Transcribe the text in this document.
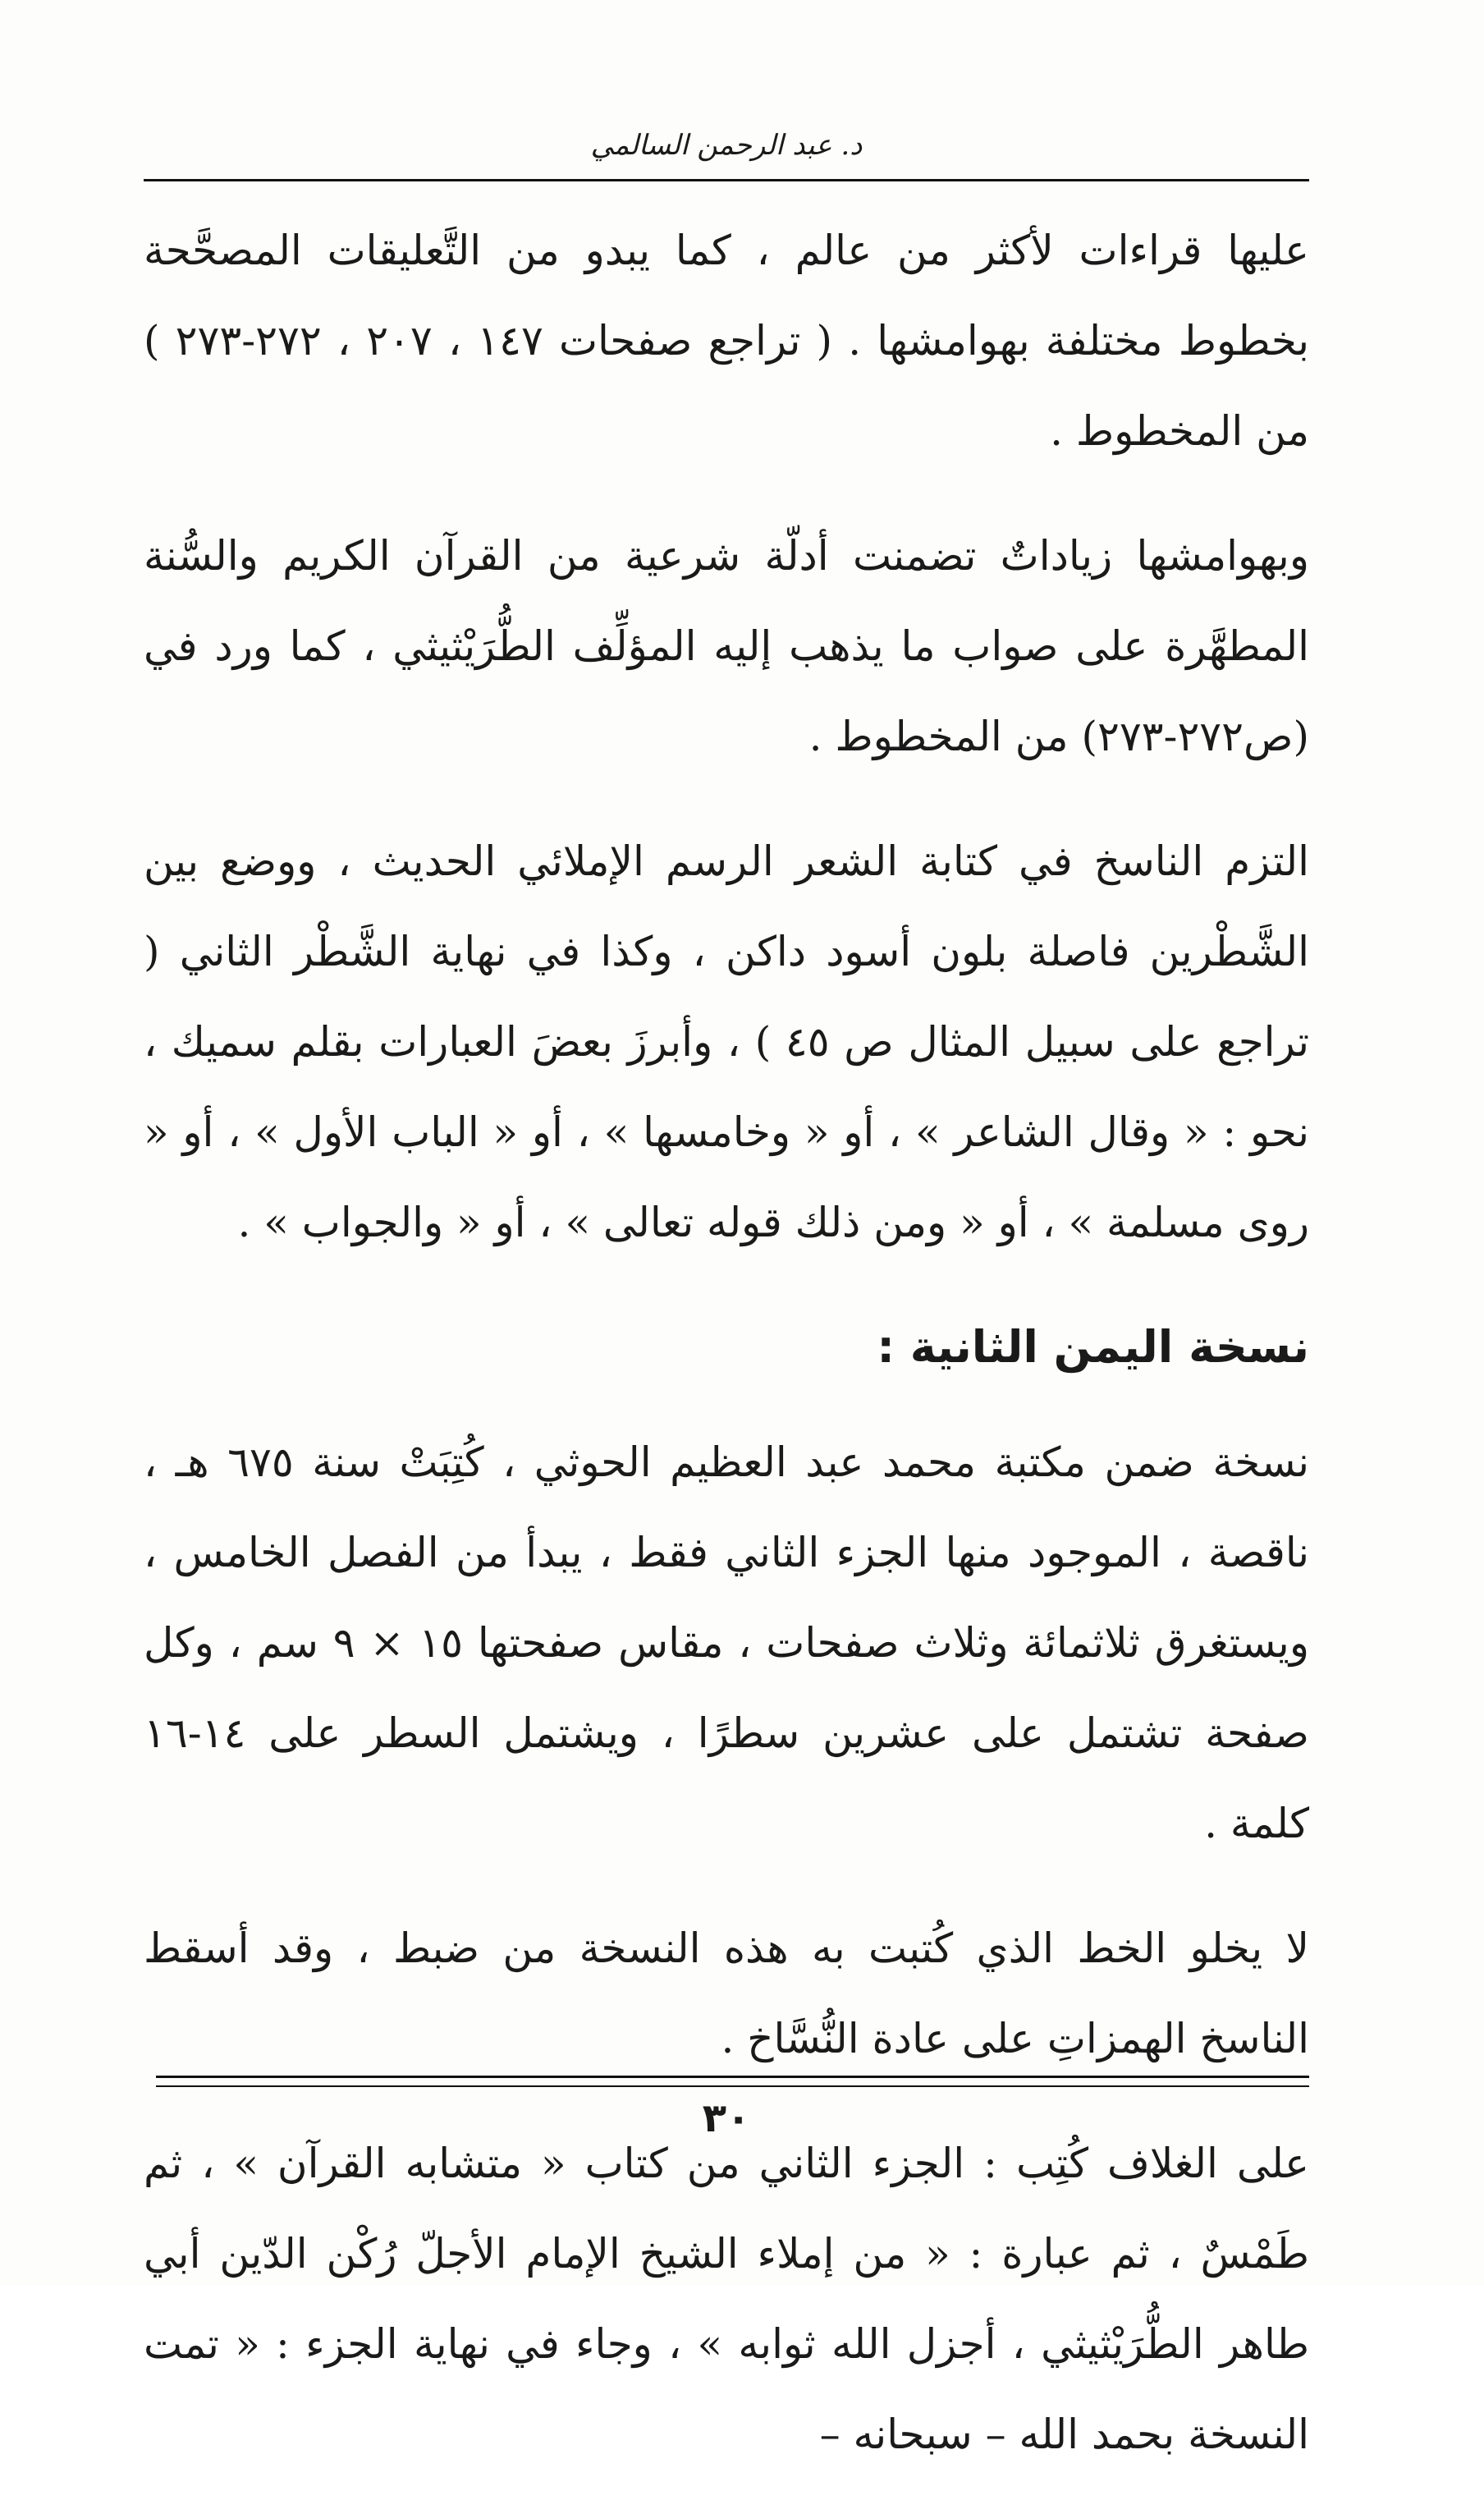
د. عبد الرحمن السالمي

عليها قراءات لأكثر من عالم ، كما يبدو من التَّعليقات المصحَّحة بخطوط مختلفة بهوامشها . ( تراجع صفحات ١٤٧ ، ٢٠٧ ، ٢٧٢-٢٧٣ ) من المخطوط .

وبهوامشها زياداتٌ تضمنت أدلّة شرعية من القرآن الكريم والسُّنة المطهَّرة على صواب ما يذهب إليه المؤلِّف الطُّرَيْثيثي ، كما ورد في (ص٢٧٢-٢٧٣) من المخطوط .

التزم الناسخ في كتابة الشعر الرسم الإملائي الحديث ، ووضع بين الشَّطْرين فاصلة بلون أسود داكن ، وكذا في نهاية الشَّطْر الثاني ( تراجع على سبيل المثال ص ٤٥ ) ، وأبرزَ بعضَ العبارات بقلم سميك ، نحو : « وقال الشاعر » ، أو « وخامسها » ، أو « الباب الأول » ، أو « روى مسلمة » ، أو « ومن ذلك قوله تعالى » ، أو « والجواب » .

نسخة اليمن الثانية :

نسخة ضمن مكتبة محمد عبد العظيم الحوثي ، كُتِبَتْ سنة ٦٧٥ هـ ، ناقصة ، الموجود منها الجزء الثاني فقط ، يبدأ من الفصل الخامس ، ويستغرق ثلاثمائة وثلاث صفحات ، مقاس صفحتها ١٥ × ٩ سم ، وكل صفحة تشتمل على عشرين سطرًا ، ويشتمل السطر على ١٤-١٦ كلمة .

لا يخلو الخط الذي كُتبت به هذه النسخة من ضبط ، وقد أسقط الناسخ الهمزاتِ على عادة النُّسَّاخ .

على الغلاف كُتِب : الجزء الثاني من كتاب « متشابه القرآن » ، ثم طَمْسٌ ، ثم عبارة : « من إملاء الشيخ الإمام الأجلّ رُكْن الدّين أبي طاهر الطُّرَيْثيثي ، أجزل الله ثوابه » ، وجاء في نهاية الجزء : « تمت النسخة بحمد الله – سبحانه –

٣٠
